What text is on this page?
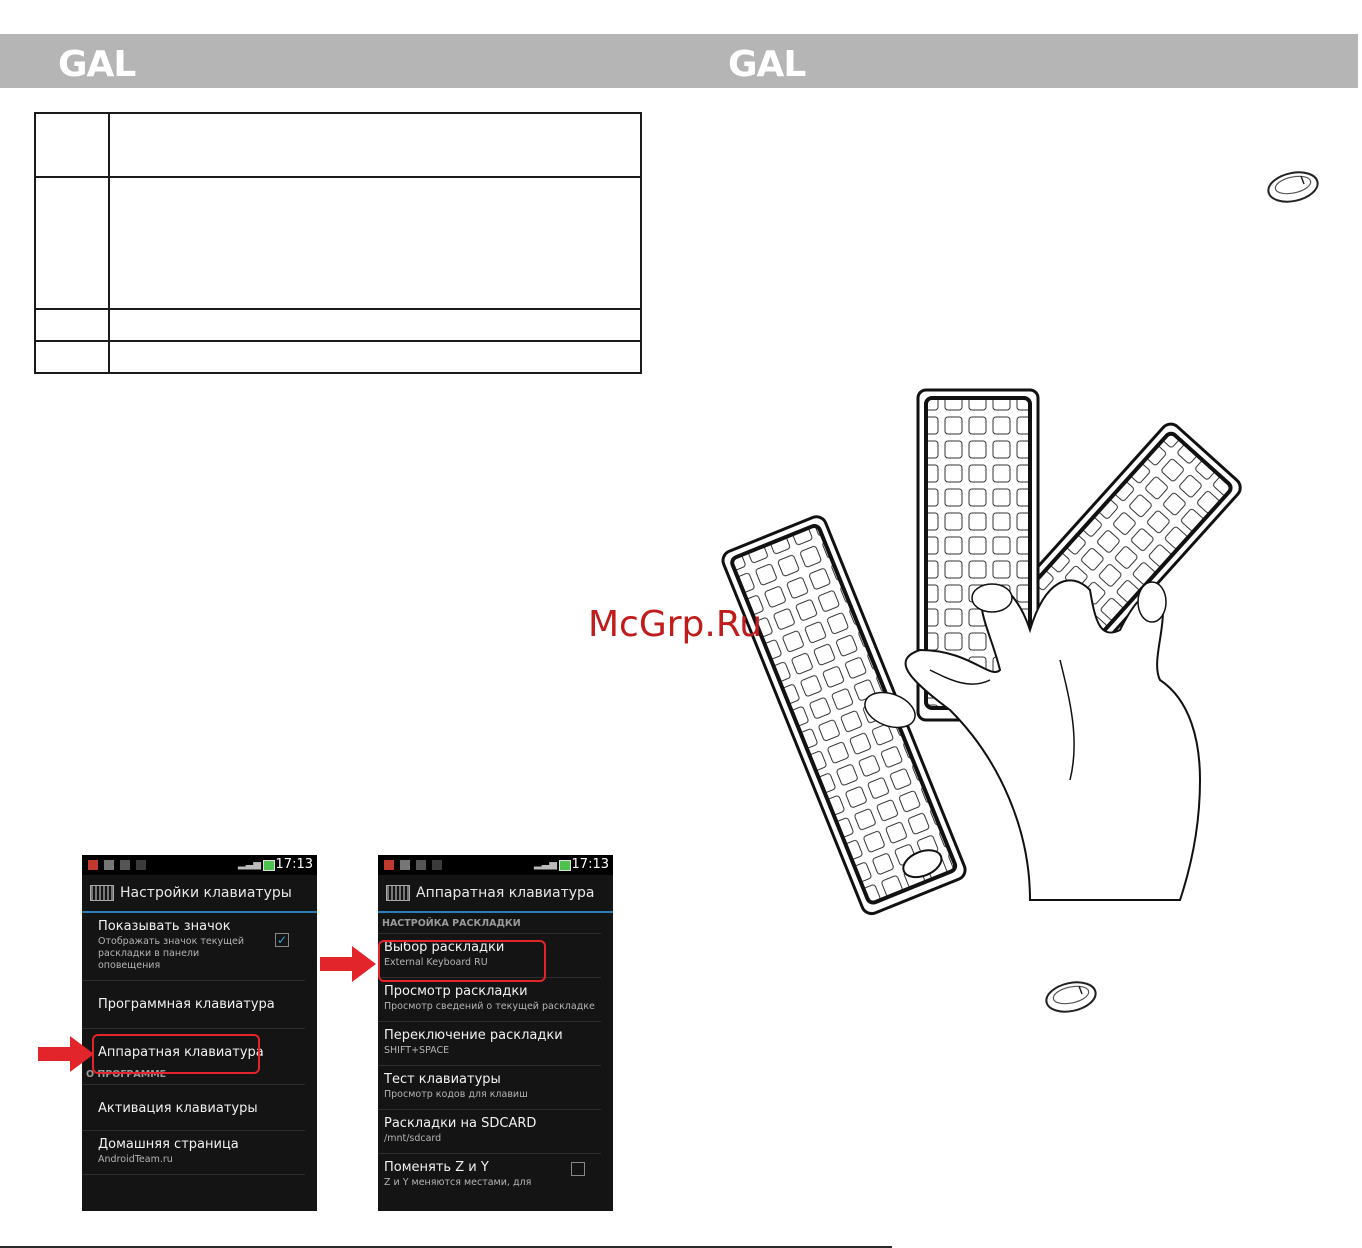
GAL	GAL

McGrp.Ru
▂▃▅ 17:13
Настройки клавиатуры
Показывать значок
Отображать значок текущей раскладки в панели оповещения
✓
Программная клавиатура
Аппаратная клавиатура
О ПРОГРАММЕ
Активация клавиатуры
Домашняя страница
AndroidTeam.ru
▂▃▅ 17:13
Аппаратная клавиатура
НАСТРОЙКА РАСКЛАДКИ
Выбор раскладки
External Keyboard RU
Просмотр раскладки
Просмотр сведений о текущей раскладке
Переключение раскладки
SHIFT+SPACE
Тест клавиатуры
Просмотр кодов для клавиш
Раскладки на SDCARD
/mnt/sdcard
Поменять Z и Y
Z и Y меняются местами, для
